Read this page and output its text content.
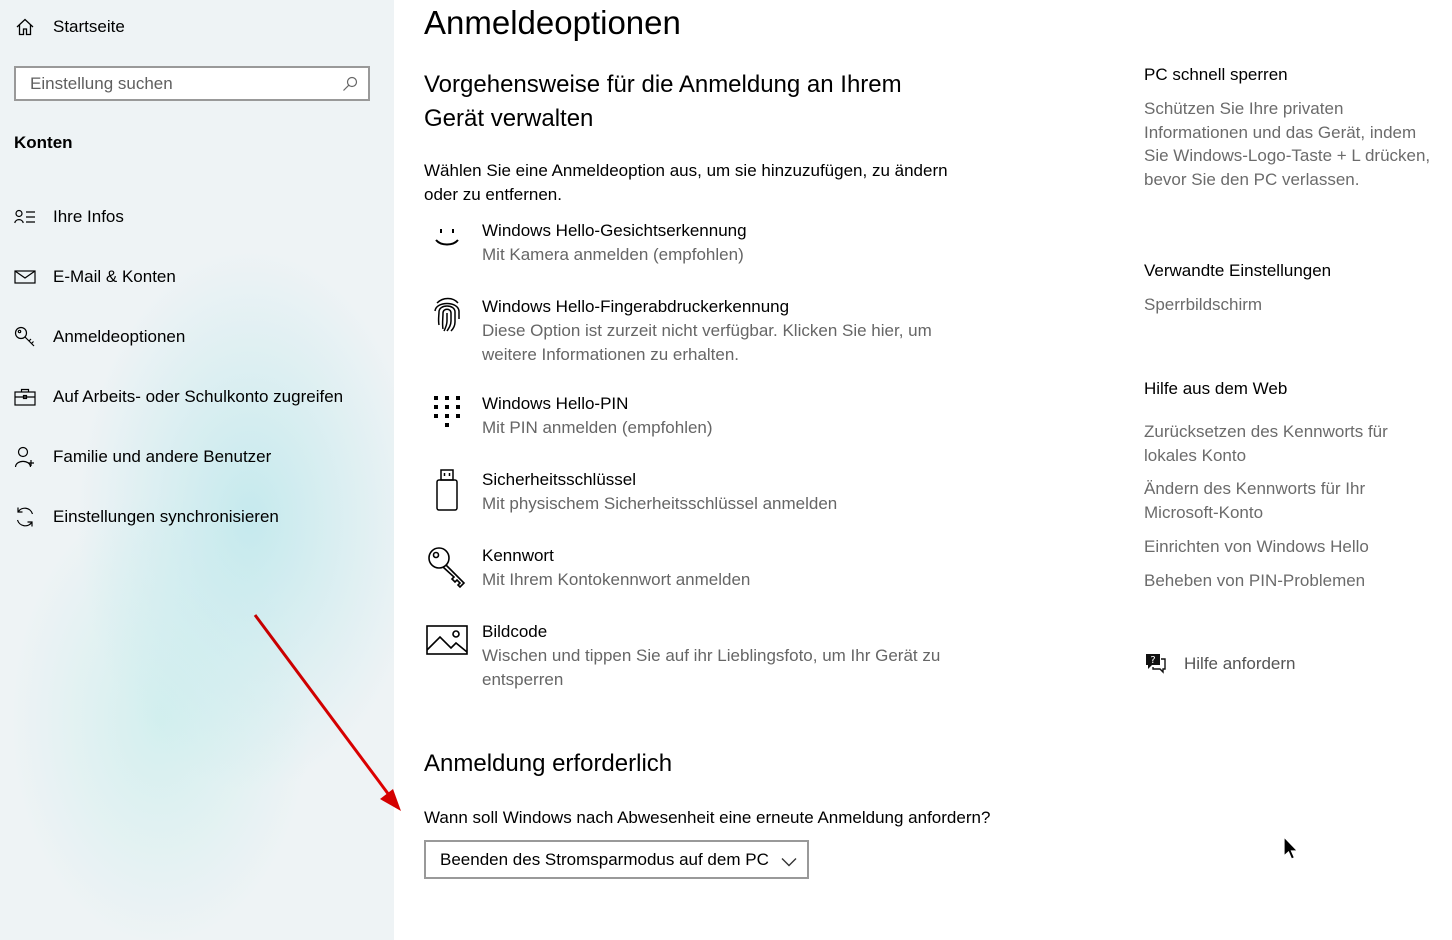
Startseite
Einstellung suchen
Konten
Ihre Infos
E-Mail & Konten
Anmeldeoptionen
Auf Arbeits- oder Schulkonto zugreifen
Familie und andere Benutzer
Einstellungen synchronisieren
Anmeldeoptionen
Vorgehensweise für die Anmeldung an Ihrem Gerät verwalten
Wählen Sie eine Anmeldeoption aus, um sie hinzuzufügen, zu ändern oder zu entfernen.
Windows Hello-Gesichtserkennung
Mit Kamera anmelden (empfohlen)
Windows Hello-Fingerabdruckerkennung
Diese Option ist zurzeit nicht verfügbar. Klicken Sie hier, um weitere Informationen zu erhalten.
Windows Hello-PIN
Mit PIN anmelden (empfohlen)
Sicherheitsschlüssel
Mit physischem Sicherheitsschlüssel anmelden
Kennwort
Mit Ihrem Kontokennwort anmelden
Bildcode
Wischen und tippen Sie auf ihr Lieblingsfoto, um Ihr Gerät zu entsperren
Anmeldung erforderlich
Wann soll Windows nach Abwesenheit eine erneute Anmeldung anfordern?
Beenden des Stromsparmodus auf dem PC
PC schnell sperren
Schützen Sie Ihre privaten Informationen und das Gerät, indem Sie Windows-Logo-Taste + L drücken, bevor Sie den PC verlassen.
Verwandte Einstellungen
Sperrbildschirm
Hilfe aus dem Web
Zurücksetzen des Kennworts für lokales Konto
Ändern des Kennworts für Ihr Microsoft-Konto
Einrichten von Windows Hello
Beheben von PIN-Problemen
? Hilfe anfordern
